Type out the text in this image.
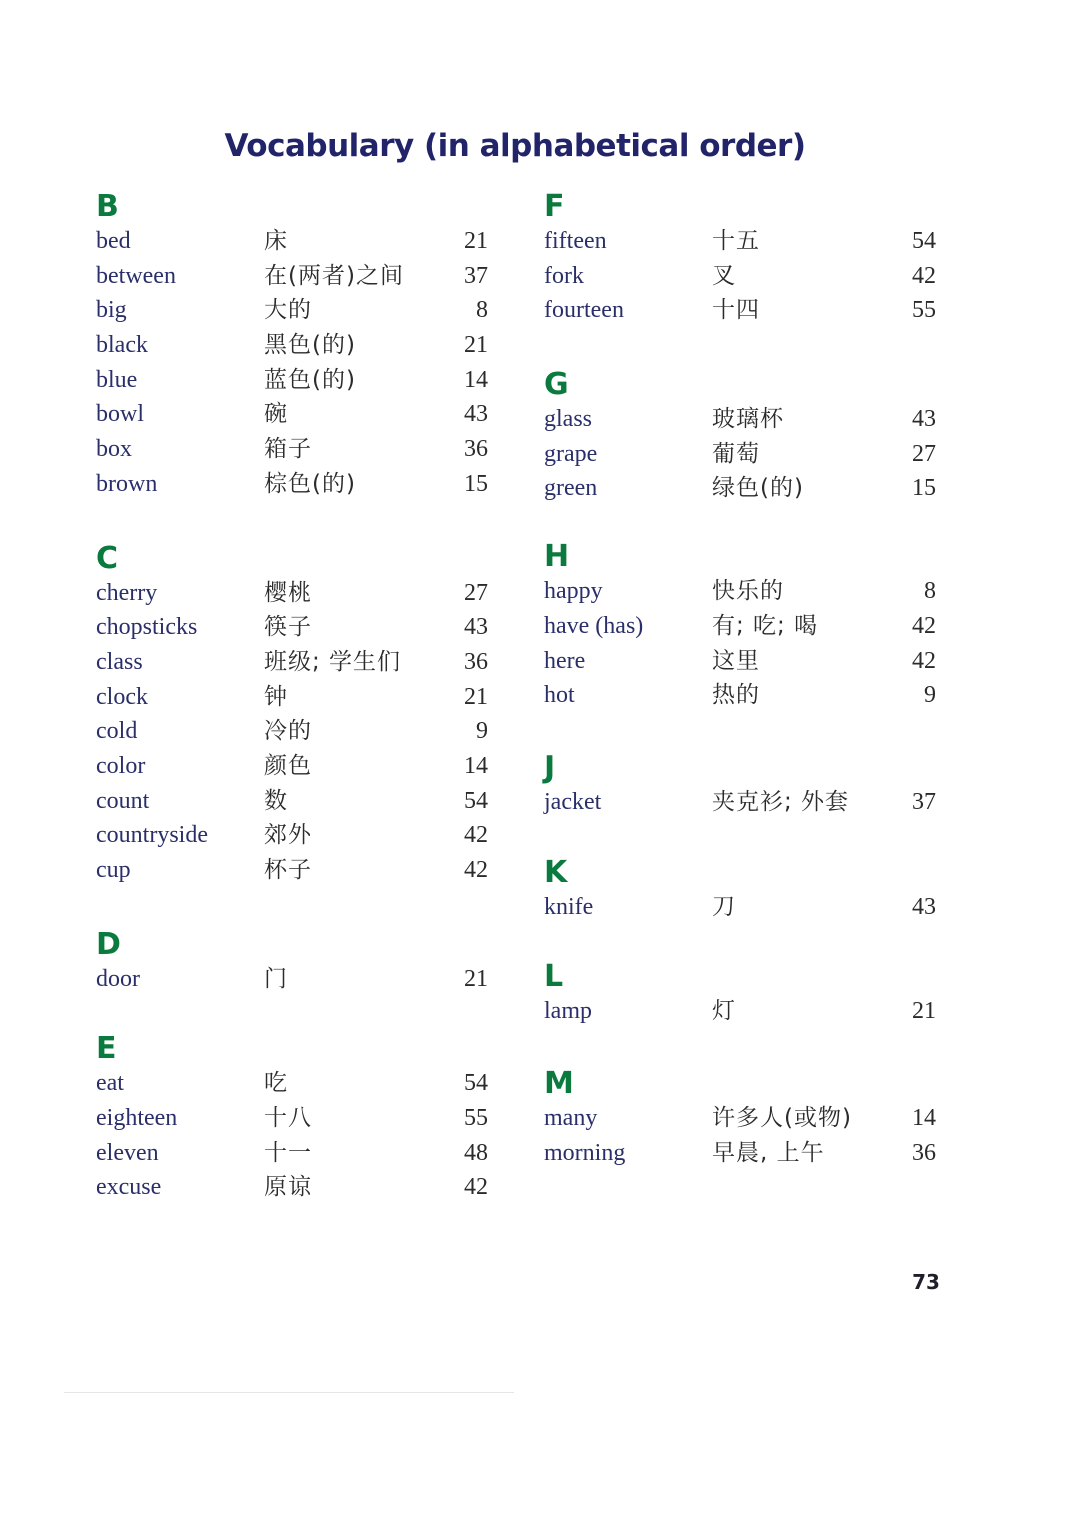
Vocabulary (in alphabetical order)
B
bed	床	21
between	在(两者)之间	37
big	大的	8
black	黑色(的)	21
blue	蓝色(的)	14
bowl	碗	43
box	箱子	36
brown	棕色(的)	15
C
cherry	樱桃	27
chopsticks	筷子	43
class	班级; 学生们	36
clock	钟	21
cold	冷的	9
color	颜色	14
count	数	54
countryside 郊外	42
cup	杯子	42
D
door	门	21
E
eat	吃	54
eighteen	十八	55
eleven	十一	48
excuse	原谅	42
F
fifteen	十五	54
fork	叉	42
fourteen	十四	55
G
glass	玻璃杯	43
grape	葡萄	27
green	绿色(的)	15
H
happy	快乐的	8
have (has)	有; 吃; 喝	42
here	这里	42
hot	热的	9
J
jacket	夹克衫; 外套	37
K
knife	刀	43
L
lamp	灯	21
M
many	许多人(或物)	14
morning	早晨, 上午	36
73
